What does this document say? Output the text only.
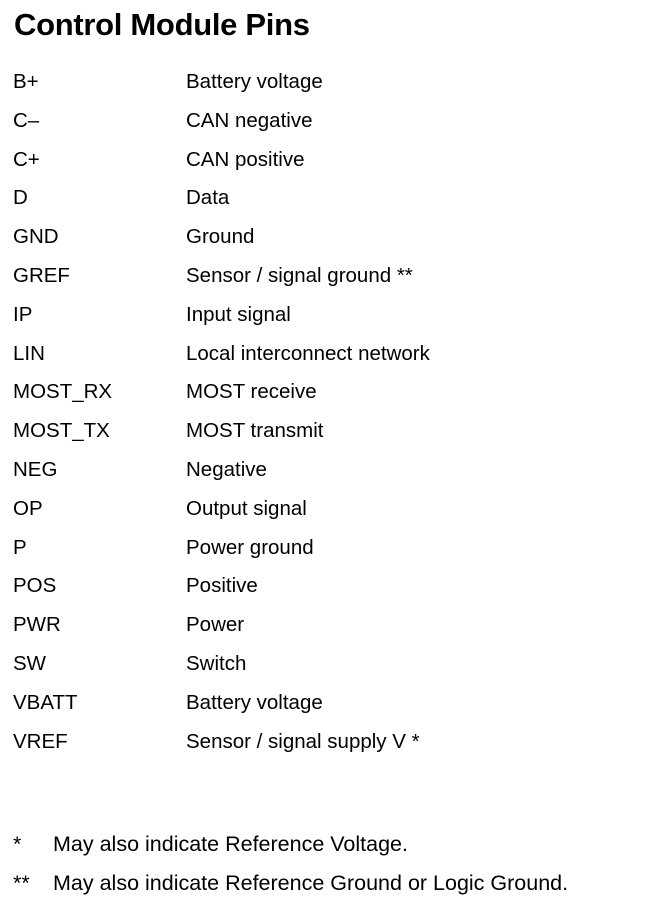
Control Module Pins
B+	Battery voltage
C–	CAN negative
C+	CAN positive
D	Data
GND	Ground
GREF	Sensor / signal ground **
IP	Input signal
LIN	Local interconnect network
MOST_RX	MOST receive
MOST_TX	MOST transmit
NEG	Negative
OP	Output signal
P	Power ground
POS	Positive
PWR	Power
SW	Switch
VBATT	Battery voltage
VREF	Sensor / signal supply V *
* May also indicate Reference Voltage.
** May also indicate Reference Ground or Logic Ground.
